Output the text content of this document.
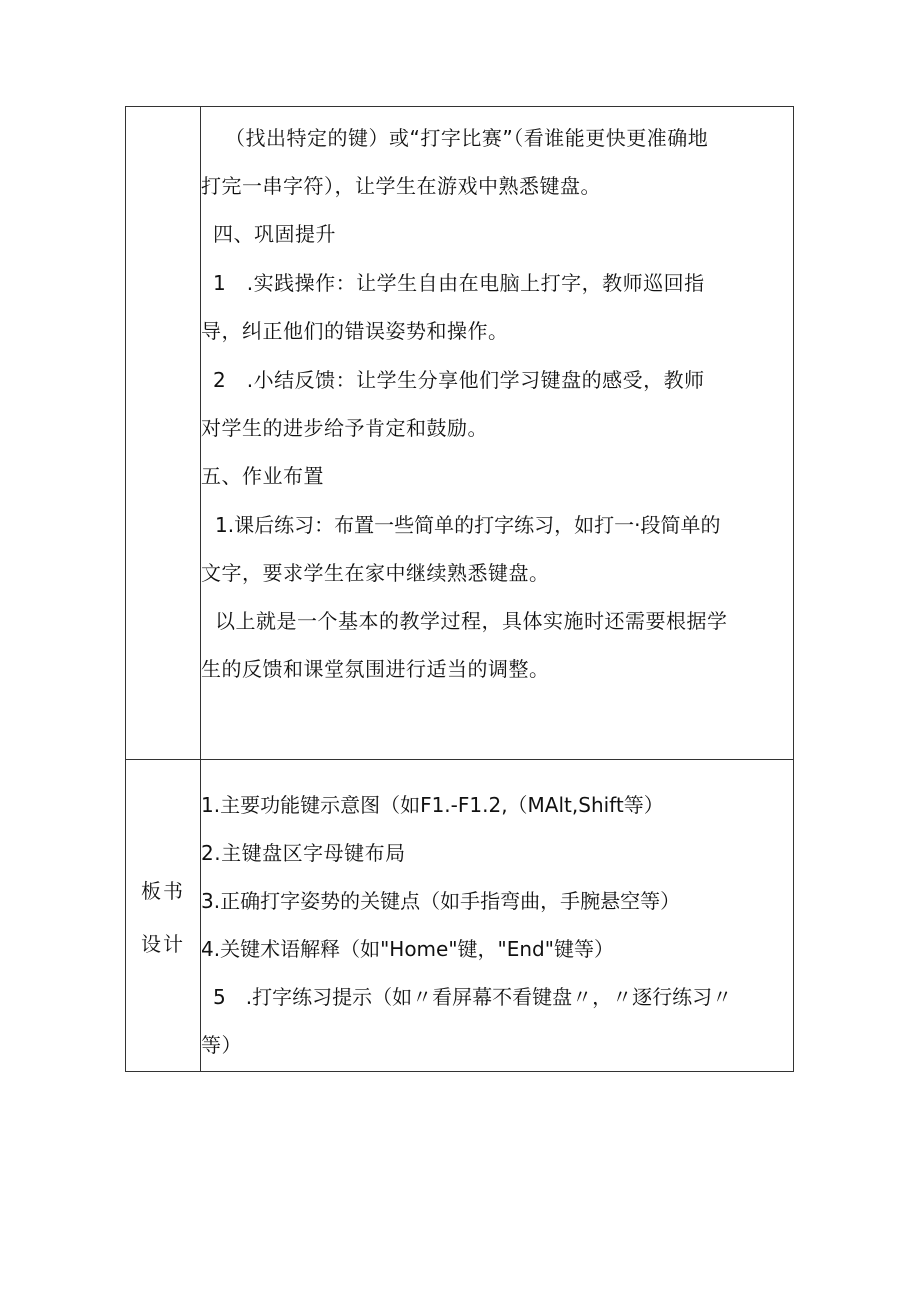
（找出特定的键）或“打字比赛”（看谁能更快更准确地
打完一串字符），让学生在游戏中熟悉键盘。
四、巩固提升
1　.实践操作：让学生自由在电脑上打字，教师巡回指
导，纠正他们的错误姿势和操作。
2　.小结反馈：让学生分享他们学习键盘的感受，教师
对学生的进步给予肯定和鼓励。
五、作业布置
1.课后练习：布置一些简单的打字练习，如打一·段简单的
文字，要求学生在家中继续熟悉键盘。
以上就是一个基本的教学过程，具体实施时还需要根据学
生的反馈和课堂氛围进行适当的调整。
板书
设计
1.主要功能键示意图（如F1.-F1.2,（MAlt,Shift等）
2.主键盘区字母键布局
3.正确打字姿势的关键点（如手指弯曲，手腕悬空等）
4.关键术语解释（如"Home"键，"End"键等）
5　.打字练习提示（如〃看屏幕不看键盘〃，〃逐行练习〃
等）
